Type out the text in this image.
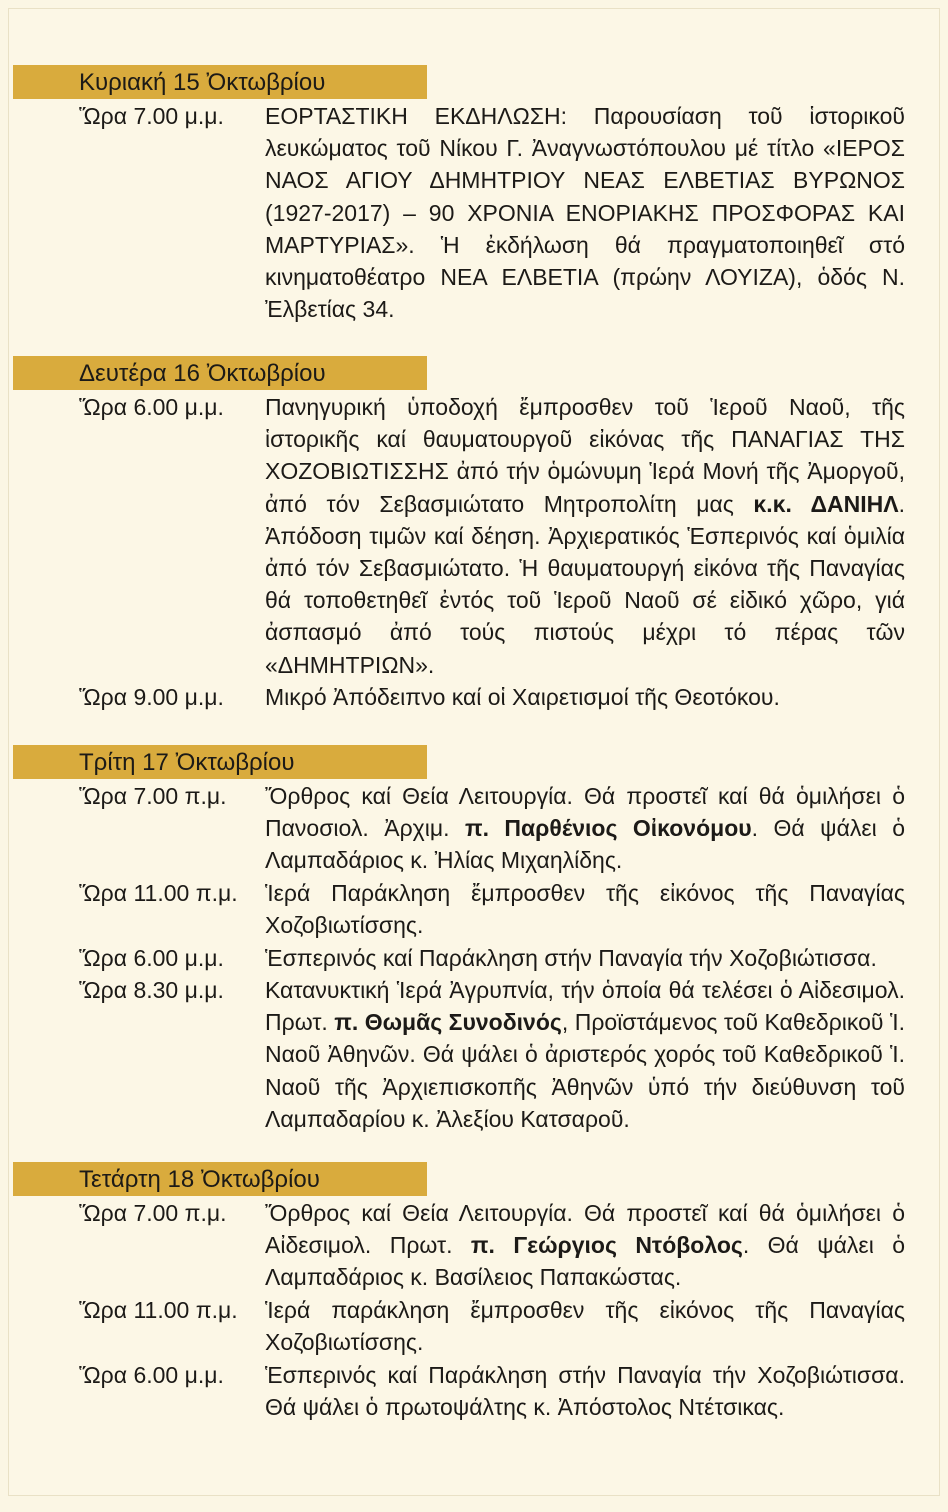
Κυριακή 15 Ὀκτωβρίου
Ὥρα 7.00 μ.μ. ΕΟΡΤΑΣΤΙΚΗ ΕΚΔΗΛΩΣΗ: Παρουσίαση τοῦ ἱστορικοῦ λευκώματος τοῦ Νίκου Γ. Ἀναγνωστόπουλου μέ τίτλο «ΙΕΡΟΣ ΝΑΟΣ ΑΓΙΟΥ ΔΗΜΗΤΡΙΟΥ ΝΕΑΣ ΕΛΒΕΤΙΑΣ ΒΥΡΩΝΟΣ (1927-2017) – 90 ΧΡΟΝΙΑ ΕΝΟΡΙΑΚΗΣ ΠΡΟΣΦΟΡΑΣ ΚΑΙ ΜΑΡΤΥΡΙΑΣ». Ἡ ἐκδήλωση θά πραγματοποιηθεῖ στό κινηματοθέατρο ΝΕΑ ΕΛΒΕΤΙΑ (πρώην ΛΟΥΙΖΑ), ὁδός Ν. Ἐλβετίας 34.
Δευτέρα 16 Ὀκτωβρίου
Ὥρα 6.00 μ.μ. Πανηγυρική ὑποδοχή ἔμπροσθεν τοῦ Ἱεροῦ Ναοῦ, τῆς ἱστορικῆς καί θαυματουργοῦ εἰκόνας τῆς ΠΑΝΑΓΙΑΣ ΤΗΣ ΧΟΖΟΒΙΩΤΙΣΣΗΣ ἀπό τήν ὁμώνυμη Ἱερά Μονή τῆς Ἀμοργοῦ, ἀπό τόν Σεβασμιώτατο Μητροπολίτη μας κ.κ. ΔΑΝΙΗΛ. Ἀπόδοση τιμῶν καί δέηση. Ἀρχιερατικός Ἑσπερινός καί ὁμιλία ἀπό τόν Σεβασμιώτατο. Ἡ θαυματουργή εἰκόνα τῆς Παναγίας θά τοποθετηθεῖ ἐντός τοῦ Ἱεροῦ Ναοῦ σέ εἰδικό χῶρο, γιά ἀσπασμό ἀπό τούς πιστούς μέχρι τό πέρας τῶν «ΔΗΜΗΤΡΙΩΝ».
Ὥρα 9.00 μ.μ. Μικρό Ἀπόδειπνο καί οἱ Χαιρετισμοί τῆς Θεοτόκου.
Τρίτη 17 Ὀκτωβρίου
Ὥρα 7.00 π.μ. Ὄρθρος καί Θεία Λειτουργία. Θά προστεῖ καί θά ὁμιλήσει ὁ Πανοσιολ. Ἀρχιμ. π. Παρθένιος Οἰκονόμου. Θά ψάλει ὁ Λαμπαδάριος κ. Ἠλίας Μιχαηλίδης.
Ὥρα 11.00 π.μ. Ἱερά Παράκληση ἔμπροσθεν τῆς εἰκόνος τῆς Παναγίας Χοζοβιωτίσσης.
Ὥρα 6.00 μ.μ. Ἑσπερινός καί Παράκληση στήν Παναγία τήν Χοζοβιώτισσα.
Ὥρα 8.30 μ.μ. Κατανυκτική Ἱερά Ἀγρυπνία, τήν ὁποία θά τελέσει ὁ Αἰδεσιμολ. Πρωτ. π. Θωμᾶς Συνοδινός, Προϊστάμενος τοῦ Καθεδρικοῦ Ἱ. Ναοῦ Ἀθηνῶν. Θά ψάλει ὁ ἀριστερός χορός τοῦ Καθεδρικοῦ Ἱ. Ναοῦ τῆς Ἀρχιεπισκοπῆς Ἀθηνῶν ὑπό τήν διεύθυνση τοῦ Λαμπαδαρίου κ. Ἀλεξίου Κατσαροῦ.
Τετάρτη 18 Ὀκτωβρίου
Ὥρα 7.00 π.μ. Ὄρθρος καί Θεία Λειτουργία. Θά προστεῖ καί θά ὁμιλήσει ὁ Αἰδεσιμολ. Πρωτ. π. Γεώργιος Ντόβολος. Θά ψάλει ὁ Λαμπαδάριος κ. Βασίλειος Παπακώστας.
Ὥρα 11.00 π.μ. Ἱερά παράκληση ἔμπροσθεν τῆς εἰκόνος τῆς Παναγίας Χοζοβιωτίσσης.
Ὥρα 6.00 μ.μ. Ἑσπερινός καί Παράκληση στήν Παναγία τήν Χοζοβιώτισσα. Θά ψάλει ὁ πρωτοψάλτης κ. Ἀπόστολος Ντέτσικας.
